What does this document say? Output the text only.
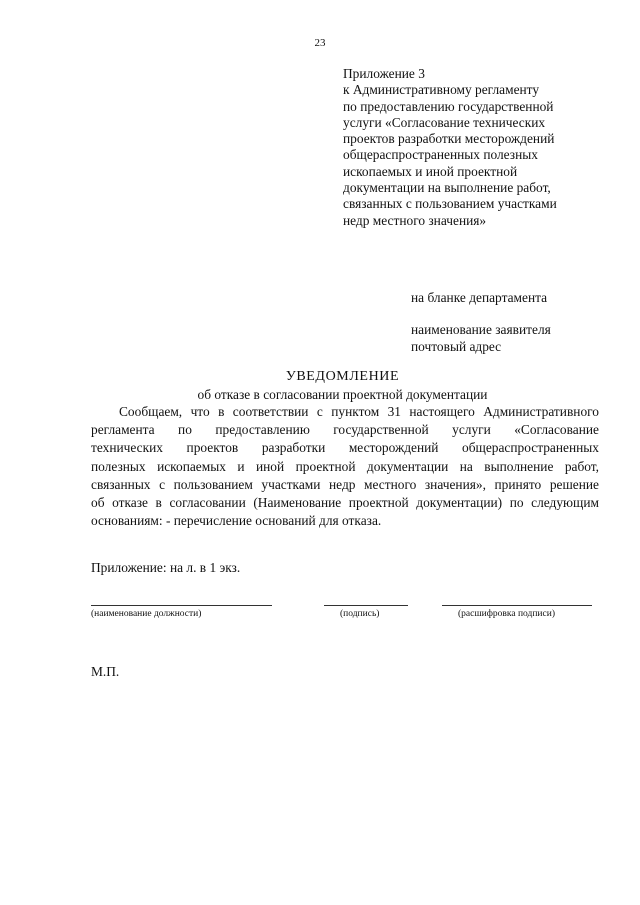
23
Приложение 3
к Административному регламенту
по предоставлению государственной
услуги «Согласование технических
проектов разработки месторождений
общераспространенных полезных
ископаемых и иной проектной
документации на выполнение работ,
связанных с пользованием участками
недр местного значения»
на бланке департамента
наименование заявителя
почтовый адрес
УВЕДОМЛЕНИЕ
об отказе в согласовании проектной документации
Сообщаем, что в соответствии с пунктом 31 настоящего Административного
регламента по предоставлению государственной услуги «Согласование
технических проектов разработки месторождений общераспространенных
полезных ископаемых и иной проектной документации на выполнение работ,
связанных с пользованием участками недр местного значения», принято решение
об отказе в согласовании (Наименование проектной документации) по следующим
основаниям: - перечисление оснований для отказа.
Приложение: на л. в 1 экз.
(наименование должности)	(подпись)	(расшифровка подписи)
М.П.
